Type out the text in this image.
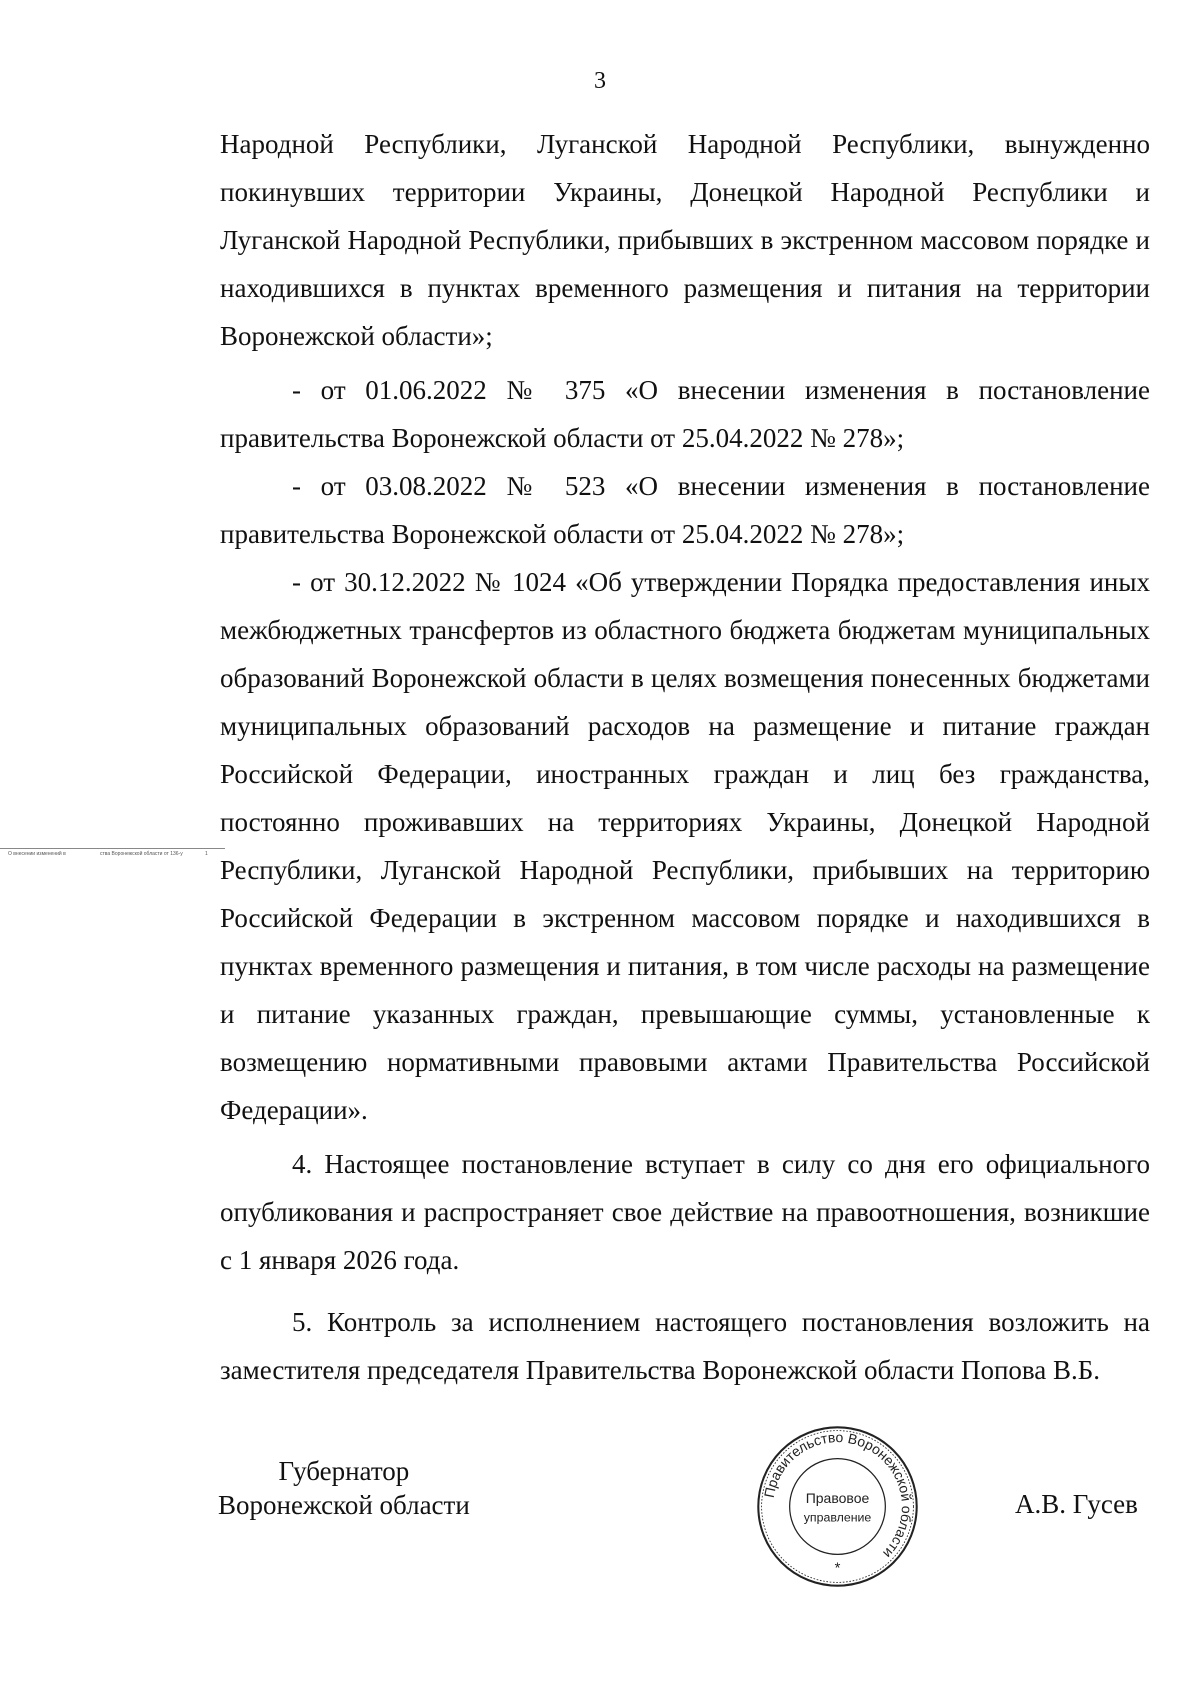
3
О внесении изменений в	ства Воронежской области от 136-у	1

Народной Республики, Луганской Народной Республики, вынужденно покинувших территории Украины, Донецкой Народной Республики и Луганской Народной Республики, прибывших в экстренном массовом порядке и находившихся в пунктах временного размещения и питания на территории Воронежской области»;

- от 01.06.2022 № 375 «О внесении изменения в постановление правительства Воронежской области от 25.04.2022 № 278»;

- от 03.08.2022 № 523 «О внесении изменения в постановление правительства Воронежской области от 25.04.2022 № 278»;

- от 30.12.2022 № 1024 «Об утверждении Порядка предоставления иных межбюджетных трансфертов из областного бюджета бюджетам муниципальных образований Воронежской области в целях возмещения понесенных бюджетами муниципальных образований расходов на размещение и питание граждан Российской Федерации, иностранных граждан и лиц без гражданства, постоянно проживавших на территориях Украины, Донецкой Народной Республики, Луганской Народной Республики, прибывших на территорию Российской Федерации в экстренном массовом порядке и находившихся в пунктах временного размещения и питания, в том числе расходы на размещение и питание указанных граждан, превышающие суммы, установленные к возмещению нормативными правовыми актами Правительства Российской Федерации».

4. Настоящее постановление вступает в силу со дня его официального опубликования и распространяет свое действие на правоотношения, возникшие с 1 января 2026 года.

5. Контроль за исполнением настоящего постановления возложить на заместителя председателя Правительства Воронежской области Попова В.Б.

Губернатор
Воронежской области	Правительство Воронежской области
Правовое
управление
*
А.В. Гусев
